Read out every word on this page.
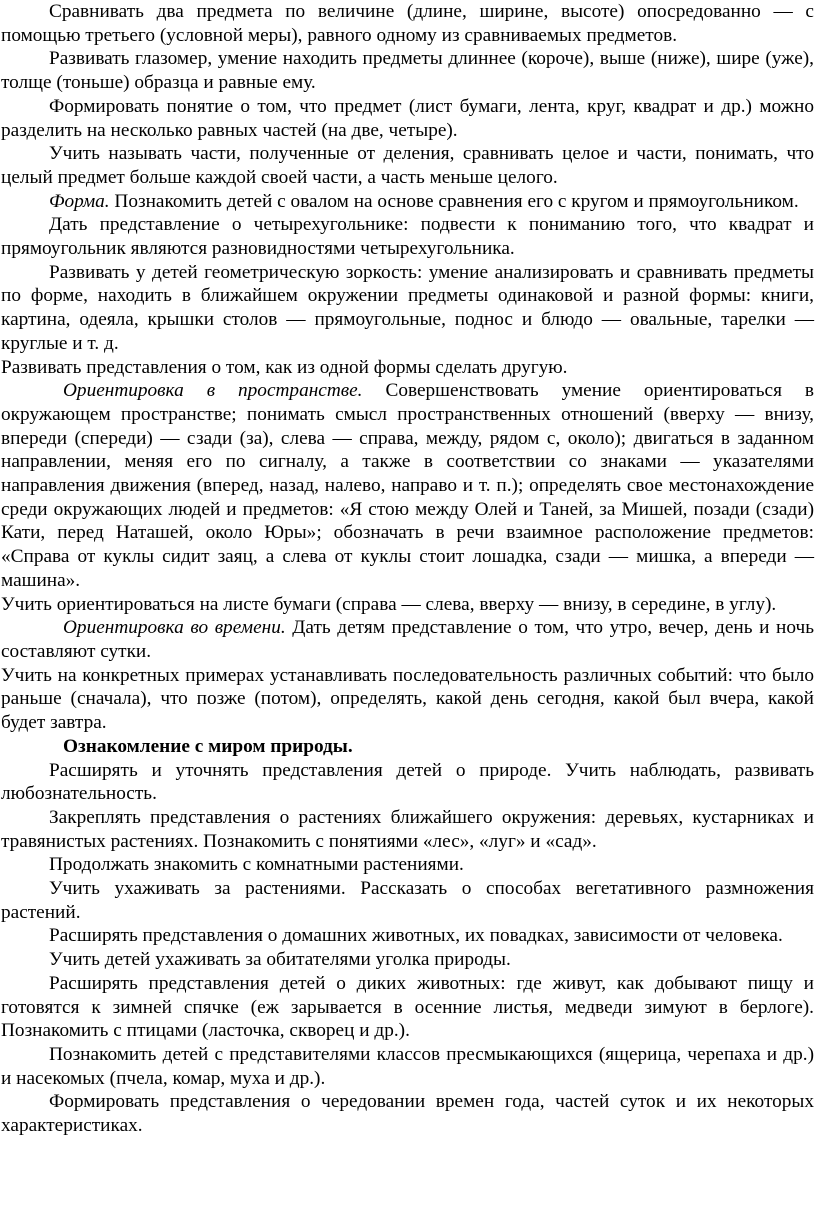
Сравнивать два предмета по величине (длине, ширине, высоте) опосредованно — с помощью третьего (условной меры), равного одному из сравниваемых предметов.

Развивать глазомер, умение находить предметы длиннее (короче), выше (ниже), шире (уже), толще (тоньше) образца и равные ему.

Формировать понятие о том, что предмет (лист бумаги, лента, круг, квадрат и др.) можно разделить на несколько равных частей (на две, четыре).

Учить называть части, полученные от деления, сравнивать целое и части, понимать, что целый предмет больше каждой своей части, а часть меньше целого.

Форма. Познакомить детей с овалом на основе сравнения его с кругом и прямоугольником.

Дать представление о четырехугольнике: подвести к пониманию того, что квадрат и прямоугольник являются разновидностями четырехугольника.

Развивать у детей геометрическую зоркость: умение анализировать и сравнивать предметы по форме, находить в ближайшем окружении предметы одинаковой и разной формы: книги, картина, одеяла, крышки столов — прямоугольные, поднос и блюдо — овальные, тарелки — круглые и т. д.

Развивать представления о том, как из одной формы сделать другую.

Ориентировка в пространстве. Совершенствовать умение ориентироваться в окружающем пространстве; понимать смысл пространственных отношений (вверху — внизу, впереди (спереди) — сзади (за), слева — справа, между, рядом с, около); двигаться в заданном направлении, меняя его по сигналу, а также в соответствии со знаками — указателями направления движения (вперед, назад, налево, направо и т. п.); определять свое местонахождение среди окружающих людей и предметов: «Я стою между Олей и Таней, за Мишей, позади (сзади) Кати, перед Наташей, около Юры»; обозначать в речи взаимное расположение предметов: «Справа от куклы сидит заяц, а слева от куклы стоит лошадка, сзади — мишка, а впереди — машина».

Учить ориентироваться на листе бумаги (справа — слева, вверху — внизу, в середине, в углу).

Ориентировка во времени. Дать детям представление о том, что утро, вечер, день и ночь составляют сутки.

Учить на конкретных примерах устанавливать последовательность различных событий: что было раньше (сначала), что позже (потом), определять, какой день сегодня, какой был вчера, какой будет завтра.

Ознакомление с миром природы.

Расширять и уточнять представления детей о природе. Учить наблюдать, развивать любознательность.

Закреплять представления о растениях ближайшего окружения: деревьях, кустарниках и травянистых растениях. Познакомить с понятиями «лес», «луг» и «сад».

Продолжать знакомить с комнатными растениями.

Учить ухаживать за растениями. Рассказать о способах вегетативного размножения растений.

Расширять представления о домашних животных, их повадках, зависимости от человека.

Учить детей ухаживать за обитателями уголка природы.

Расширять представления детей о диких животных: где живут, как добывают пищу и готовятся к зимней спячке (еж зарывается в осенние листья, медведи зимуют в берлоге). Познакомить с птицами (ласточка, скворец и др.).

Познакомить детей с представителями классов пресмыкающихся (ящерица, черепаха и др.) и насекомых (пчела, комар, муха и др.).

Формировать представления о чередовании времен года, частей суток и их некоторых характеристиках.
